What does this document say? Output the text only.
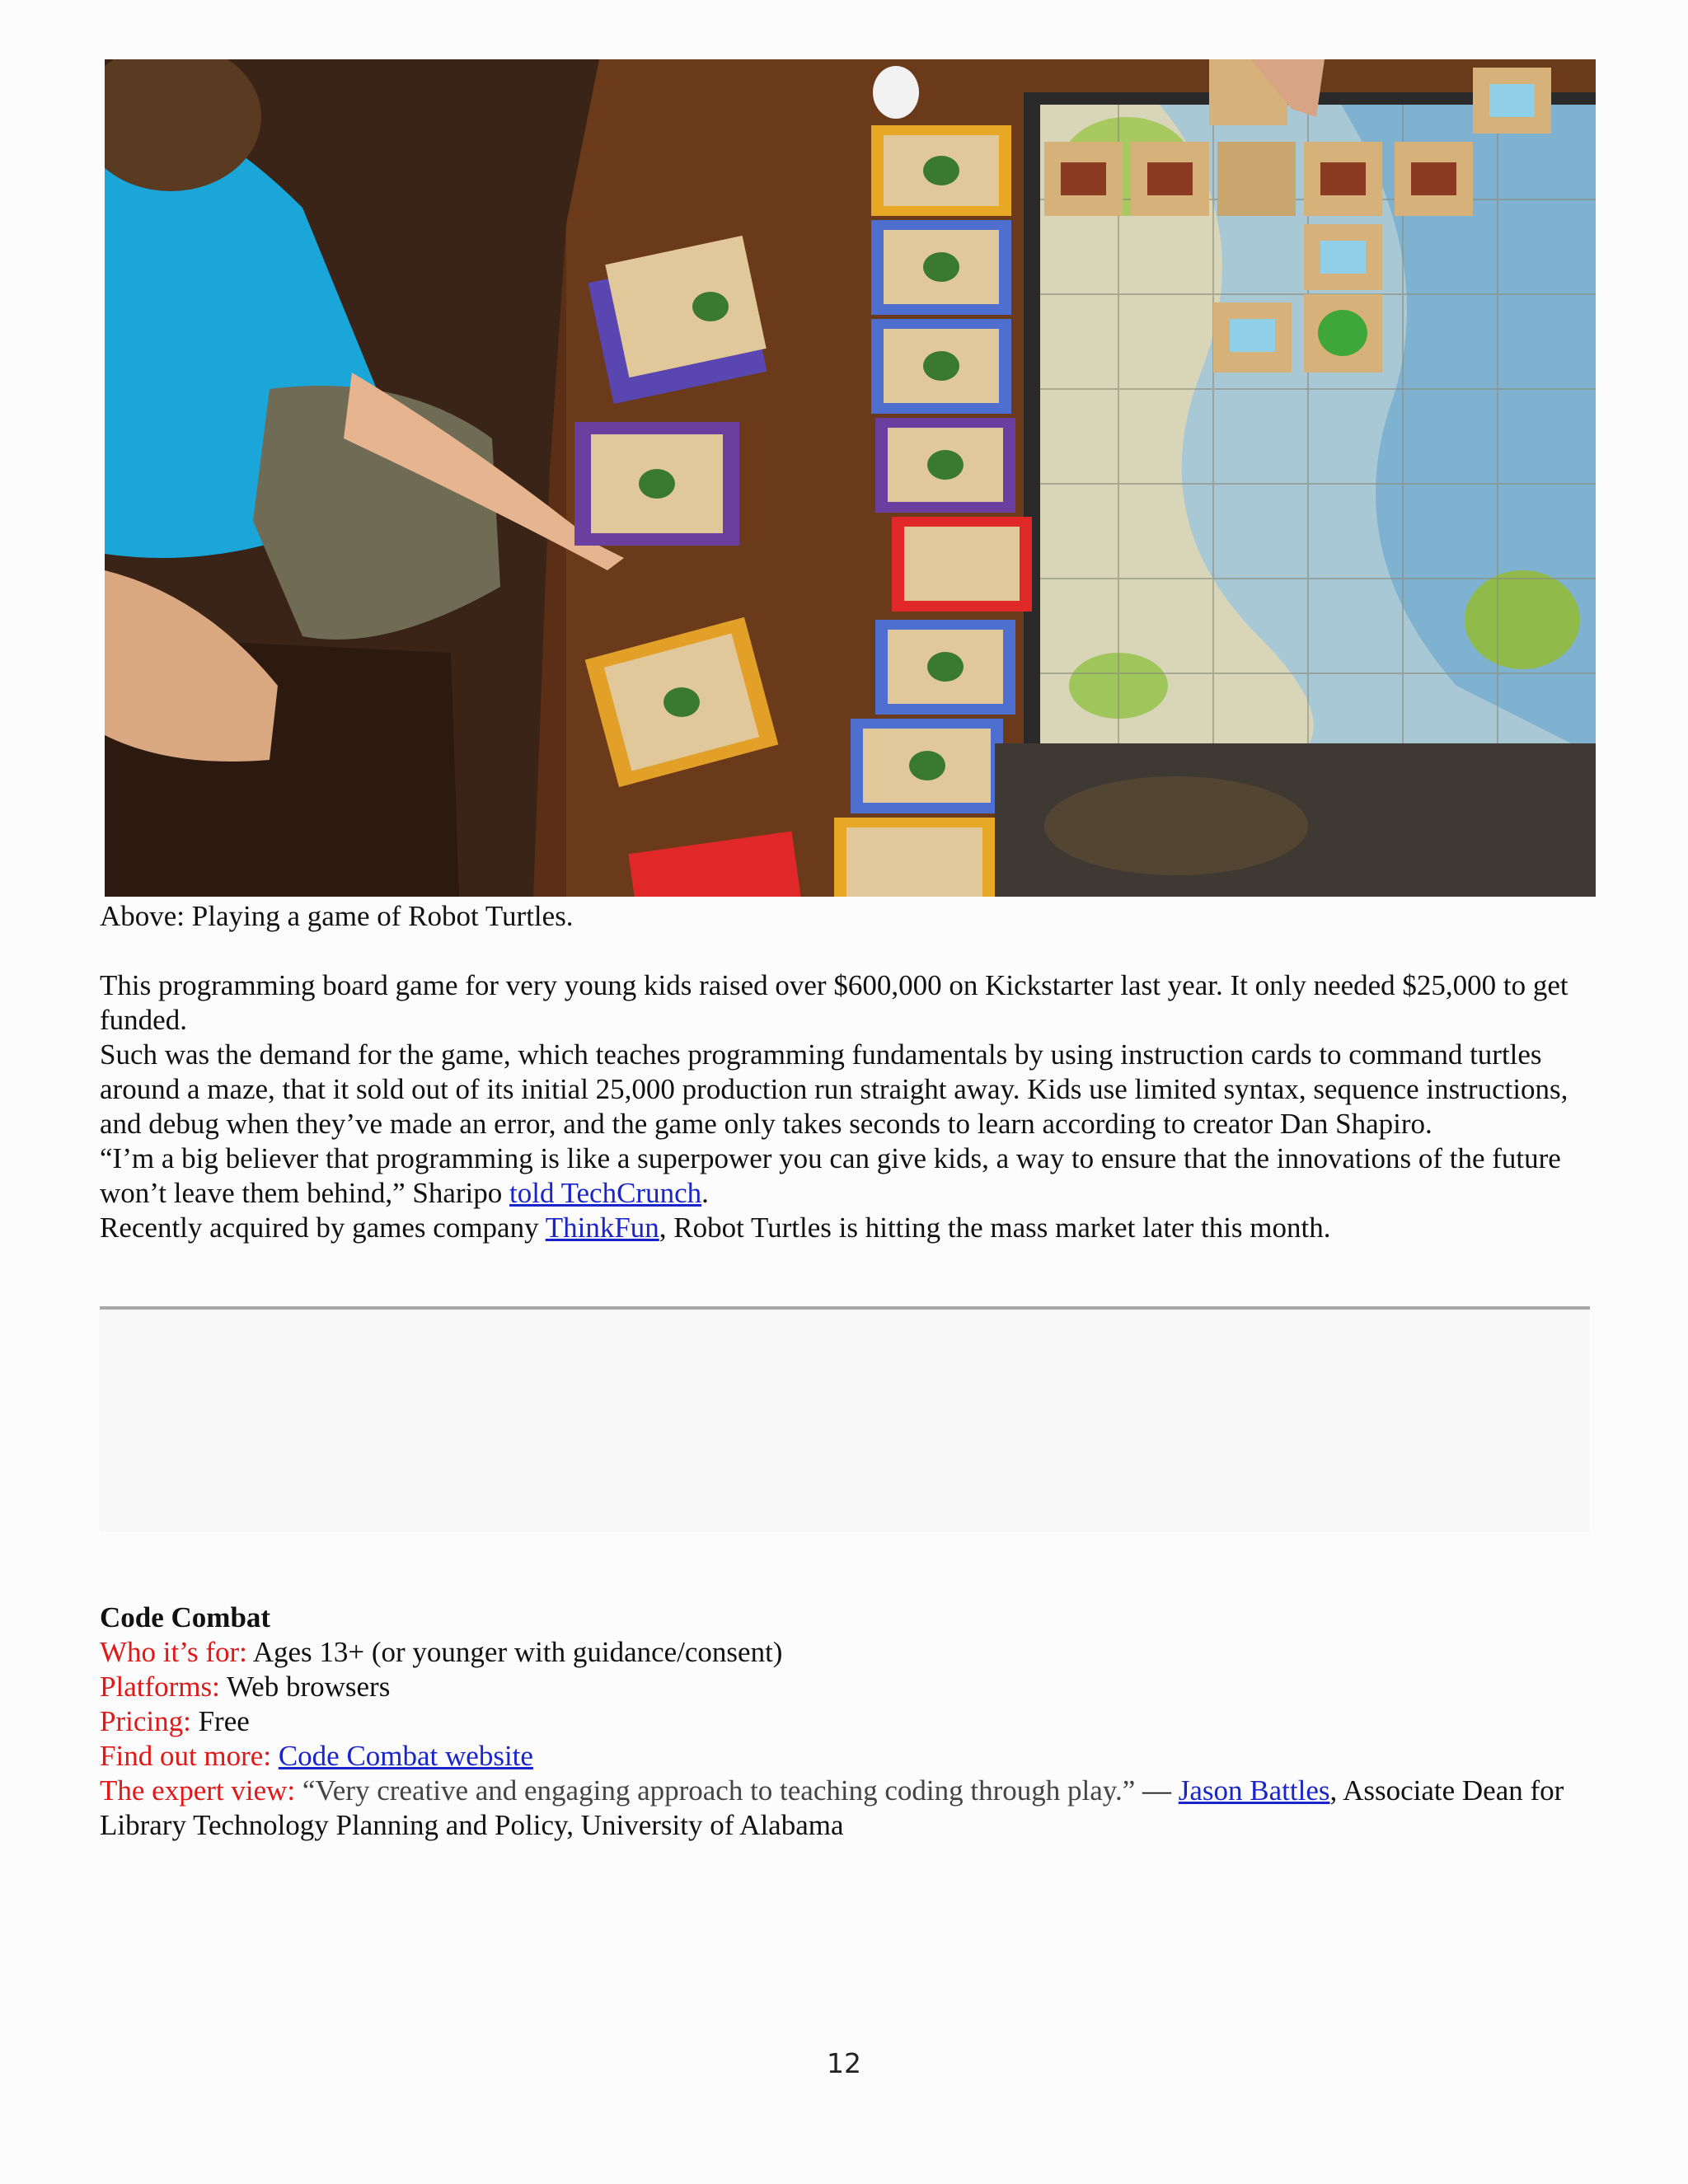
Above: Playing a game of Robot Turtles.

This programming board game for very young kids raised over $600,000 on Kickstarter last year. It only needed $25,000 to get funded.

Such was the demand for the game, which teaches programming fundamentals by using instruction cards to command turtles around a maze, that it sold out of its initial 25,000 production run straight away. Kids use limited syntax, sequence instructions, and debug when they’ve made an error, and the game only takes seconds to learn according to creator Dan Shapiro.

“I’m a big believer that programming is like a superpower you can give kids, a way to ensure that the innovations of the future won’t leave them behind,” Sharipo told TechCrunch.

Recently acquired by games company ThinkFun, Robot Turtles is hitting the mass market later this month.

Code Combat

Who it’s for: Ages 13+ (or younger with guidance/consent)

Platforms: Web browsers

Pricing: Free

Find out more: Code Combat website

The expert view: “Very creative and engaging approach to teaching coding through play.” — Jason Battles, Associate Dean for Library Technology Planning and Policy, University of Alabama

12
